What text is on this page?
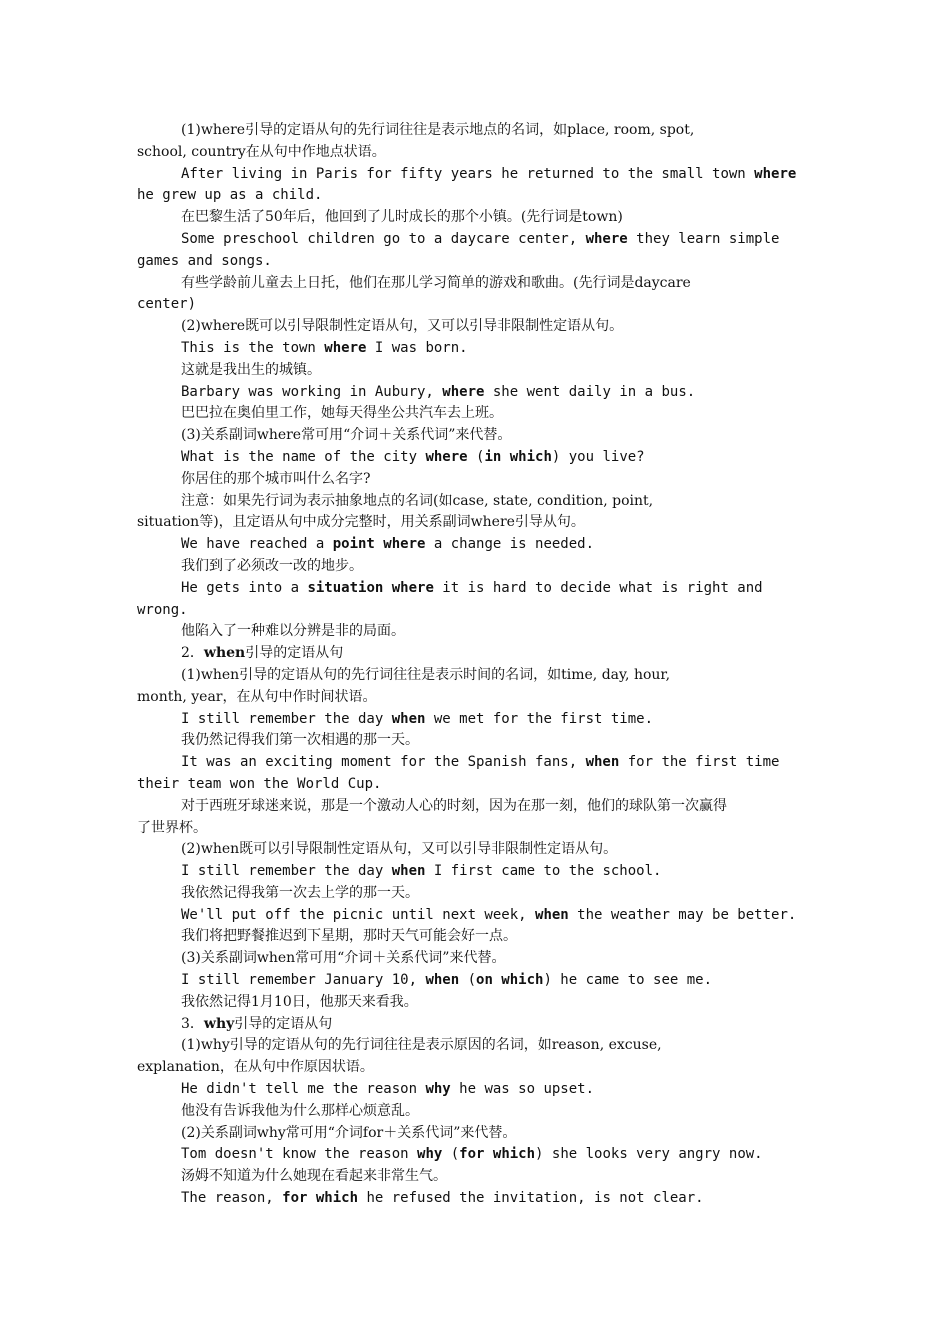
(1)where引导的定语从句的先行词往往是表示地点的名词，如place, room, spot,
school, country在从句中作地点状语。
After living in Paris for fifty years he returned to the small town where
he grew up as a child.
在巴黎生活了50年后，他回到了儿时成长的那个小镇。(先行词是town)
Some preschool children go to a daycare center, where they learn simple
games and songs.
有些学龄前儿童去上日托，他们在那儿学习简单的游戏和歌曲。(先行词是daycare
center)
(2)where既可以引导限制性定语从句，又可以引导非限制性定语从句。
This is the town where I was born.
这就是我出生的城镇。
Barbary was working in Aubury, where she went daily in a bus.
巴巴拉在奥伯里工作，她每天得坐公共汽车去上班。
(3)关系副词where常可用“介词＋关系代词”来代替。
What is the name of the city where (in which) you live?
你居住的那个城市叫什么名字?
注意：如果先行词为表示抽象地点的名词(如case, state, condition, point,
situation等)，且定语从句中成分完整时，用关系副词where引导从句。
We have reached a point where a change is needed.
我们到了必须改一改的地步。
He gets into a situation where it is hard to decide what is right and
wrong.
他陷入了一种难以分辨是非的局面。
2．when引导的定语从句
(1)when引导的定语从句的先行词往往是表示时间的名词，如time, day, hour,
month, year，在从句中作时间状语。
I still remember the day when we met for the first time.
我仍然记得我们第一次相遇的那一天。
It was an exciting moment for the Spanish fans, when for the first time
their team won the World Cup.
对于西班牙球迷来说，那是一个激动人心的时刻，因为在那一刻，他们的球队第一次赢得
了世界杯。
(2)when既可以引导限制性定语从句，又可以引导非限制性定语从句。
I still remember the day when I first came to the school.
我依然记得我第一次去上学的那一天。
We'll put off the picnic until next week, when the weather may be better.
我们将把野餐推迟到下星期，那时天气可能会好一点。
(3)关系副词when常可用“介词＋关系代词”来代替。
I still remember January 10, when (on which) he came to see me.
我依然记得1月10日，他那天来看我。
3．why引导的定语从句
(1)why引导的定语从句的先行词往往是表示原因的名词，如reason, excuse,
explanation，在从句中作原因状语。
He didn't tell me the reason why he was so upset.
他没有告诉我他为什么那样心烦意乱。
(2)关系副词why常可用“介词for＋关系代词”来代替。
Tom doesn't know the reason why (for which) she looks very angry now.
汤姆不知道为什么她现在看起来非常生气。
The reason, for which he refused the invitation, is not clear.
